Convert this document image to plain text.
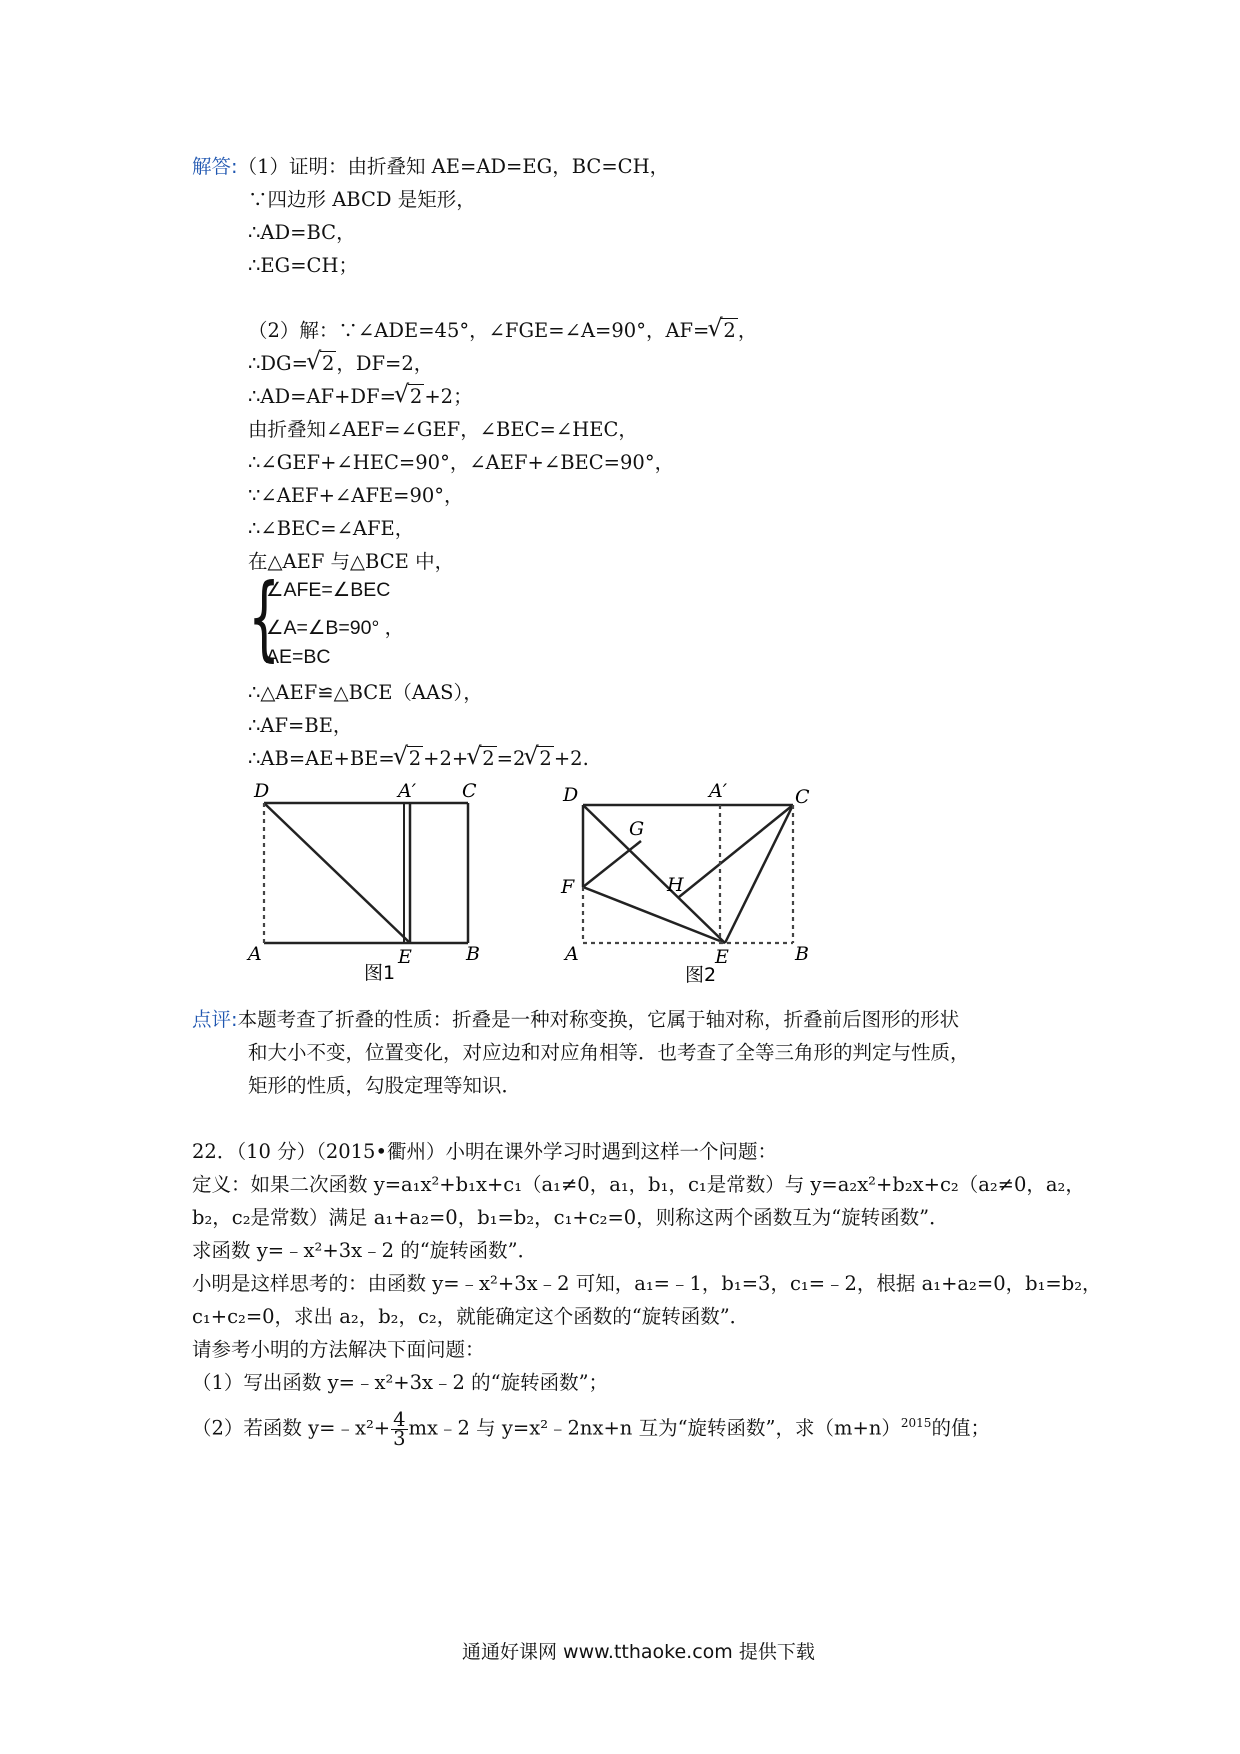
解答:（1）证明：由折叠知 AE=AD=EG，BC=CH，
∵四边形 ABCD 是矩形，
∴AD=BC，
∴EG=CH；
（2）解：∵∠ADE=45°，∠FGE=∠A=90°，AF= √ 2 ，
∴DG= √ 2 ，DF=2，
∴AD=AF+DF= √ 2 +2；
由折叠知∠AEF=∠GEF，∠BEC=∠HEC，
∴∠GEF+∠HEC=90°，∠AEF+∠BEC=90°，
∵∠AEF+∠AFE=90°，
∴∠BEC=∠AFE，
在△AEF 与△BCE 中，
{
∠AFE=∠BEC
∠A=∠B=90° ，
AE=BC
∴△AEF≌△BCE（AAS），
∴AF=BE，
∴AB=AE+BE= √ 2 +2+ √ 2 =2 √ 2 +2.
D	A′ C
A	E	B
图1
D	A′	C
G
H
F
A	E	B
图2
点评:本题考查了折叠的性质：折叠是一种对称变换，它属于轴对称，折叠前后图形的形状
和大小不变，位置变化，对应边和对应角相等．也考查了全等三角形的判定与性质，
矩形的性质，勾股定理等知识．
22．（10 分）（2015•衢州）小明在课外学习时遇到这样一个问题：
定义：如果二次函数 y=a₁x²+b₁x+c₁（a₁≠0，a₁，b₁，c₁是常数）与 y=a₂x²+b₂x+c₂（a₂≠0，a₂，
b₂，c₂是常数）满足 a₁+a₂=0，b₁=b₂，c₁+c₂=0，则称这两个函数互为“旋转函数”．
求函数 y=﹣x²+3x﹣2 的“旋转函数”．
小明是这样思考的：由函数 y=﹣x²+3x﹣2 可知，a₁=﹣1，b₁=3，c₁=﹣2，根据 a₁+a₂=0，b₁=b₂，
c₁+c₂=0，求出 a₂，b₂，c₂，就能确定这个函数的“旋转函数”．
请参考小明的方法解决下面问题：
（1）写出函数 y=﹣x²+3x﹣2 的“旋转函数”；
（2）若函数 y=﹣x²+ $\frac{4}{3}$ mx﹣2 与 y=x²﹣2nx+n 互为“旋转函数”，求$(m+n)^{2015}$的值；
通通好课网 www.tthaoke.com 提供下载
